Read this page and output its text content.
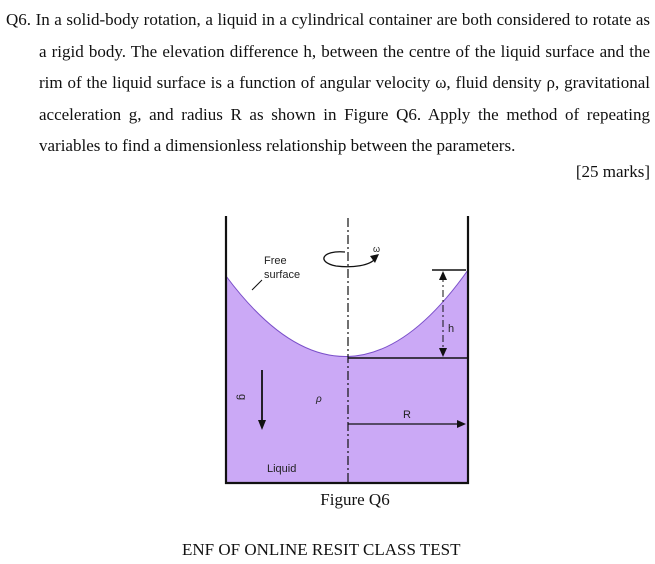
Q6. In a solid-body rotation, a liquid in a cylindrical container are both considered to rotate as a rigid body. The elevation difference h, between the centre of the liquid surface and the rim of the liquid surface is a function of angular velocity ω, fluid density ρ, gravitational acceleration g, and radius R as shown in Figure Q6. Apply the method of repeating variables to find a dimensionless relationship between the parameters.
[25 marks]
h
R
ω
Free
surface
g	ρ
Liquid
Figure Q6
ENF OF ONLINE RESIT CLASS TEST
